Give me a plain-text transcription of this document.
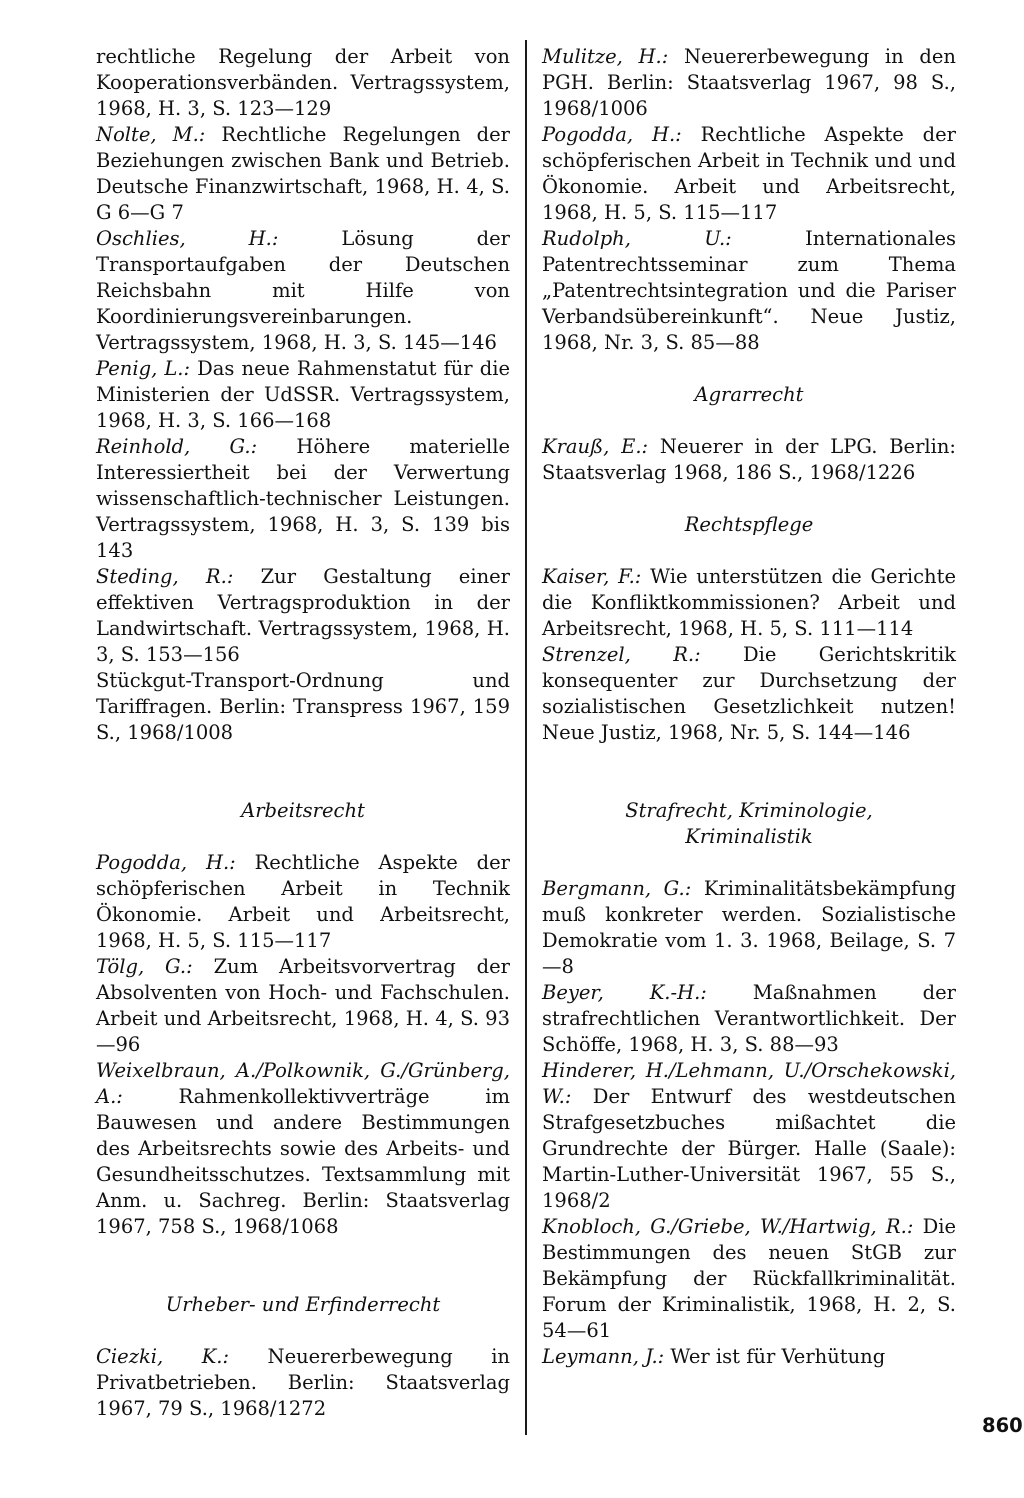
rechtliche Regelung der Arbeit von Kooperationsverbänden. Vertragssystem, 1968, H. 3, S. 123—129
Nolte, M.: Rechtliche Regelungen der Beziehungen zwischen Bank und Betrieb. Deutsche Finanzwirtschaft, 1968, H. 4, S. G 6—G 7
Oschlies, H.: Lösung der Transportaufgaben der Deutschen Reichsbahn mit Hilfe von Koordinierungsvereinbarungen. Vertragssystem, 1968, H. 3, S. 145—146
Penig, L.: Das neue Rahmenstatut für die Ministerien der UdSSR. Vertragssystem, 1968, H. 3, S. 166—168
Reinhold, G.: Höhere materielle Interessiertheit bei der Verwertung wissenschaftlich-technischer Leistungen. Vertragssystem, 1968, H. 3, S. 139 bis 143
Steding, R.: Zur Gestaltung einer effektiven Vertragsproduktion in der Landwirtschaft. Vertragssystem, 1968, H. 3, S. 153—156
Stückgut-Transport-Ordnung und Tariffragen. Berlin: Transpress 1967, 159 S., 1968/1008
Arbeitsrecht
Pogodda, H.: Rechtliche Aspekte der schöpferischen Arbeit in Technik Ökonomie. Arbeit und Arbeitsrecht, 1968, H. 5, S. 115—117
Tölg, G.: Zum Arbeitsvorvertrag der Absolventen von Hoch- und Fachschulen. Arbeit und Arbeitsrecht, 1968, H. 4, S. 93—96
Weixelbraun, A./Polkownik, G./Grünberg, A.: Rahmenkollektivverträge im Bauwesen und andere Bestimmungen des Arbeitsrechts sowie des Arbeits- und Gesundheitsschutzes. Textsammlung mit Anm. u. Sachreg. Berlin: Staatsverlag 1967, 758 S., 1968/1068
Urheber- und Erfinderrecht
Ciezki, K.: Neuererbewegung in Privatbetrieben. Berlin: Staatsverlag 1967, 79 S., 1968/1272
Mulitze, H.: Neuererbewegung in den PGH. Berlin: Staatsverlag 1967, 98 S., 1968/1006
Pogodda, H.: Rechtliche Aspekte der schöpferischen Arbeit in Technik und und Ökonomie. Arbeit und Arbeitsrecht, 1968, H. 5, S. 115—117
Rudolph, U.: Internationales Patentrechtsseminar zum Thema „Patentrechtsintegration und die Pariser Verbandsübereinkunft“. Neue Justiz, 1968, Nr. 3, S. 85—88
Agrarrecht
Krauß, E.: Neuerer in der LPG. Berlin: Staatsverlag 1968, 186 S., 1968/1226
Rechtspflege
Kaiser, F.: Wie unterstützen die Gerichte die Konfliktkommissionen? Arbeit und Arbeitsrecht, 1968, H. 5, S. 111—114
Strenzel, R.: Die Gerichtskritik konsequenter zur Durchsetzung der sozialistischen Gesetzlichkeit nutzen! Neue Justiz, 1968, Nr. 5, S. 144—146
Strafrecht, Kriminologie,
Kriminalistik
Bergmann, G.: Kriminalitätsbekämpfung muß konkreter werden. Sozialistische Demokratie vom 1. 3. 1968, Beilage, S. 7—8
Beyer, K.-H.: Maßnahmen der strafrechtlichen Verantwortlichkeit. Der Schöffe, 1968, H. 3, S. 88—93
Hinderer, H./Lehmann, U./Orschekowski, W.: Der Entwurf des westdeutschen Strafgesetzbuches mißachtet die Grundrechte der Bürger. Halle (Saale): Martin-Luther-Universität 1967, 55 S., 1968/2
Knobloch, G./Griebe, W./Hartwig, R.: Die Bestimmungen des neuen StGB zur Bekämpfung der Rückfallkriminalität. Forum der Kriminalistik, 1968, H. 2, S. 54—61
Leymann, J.: Wer ist für Verhütung
860
